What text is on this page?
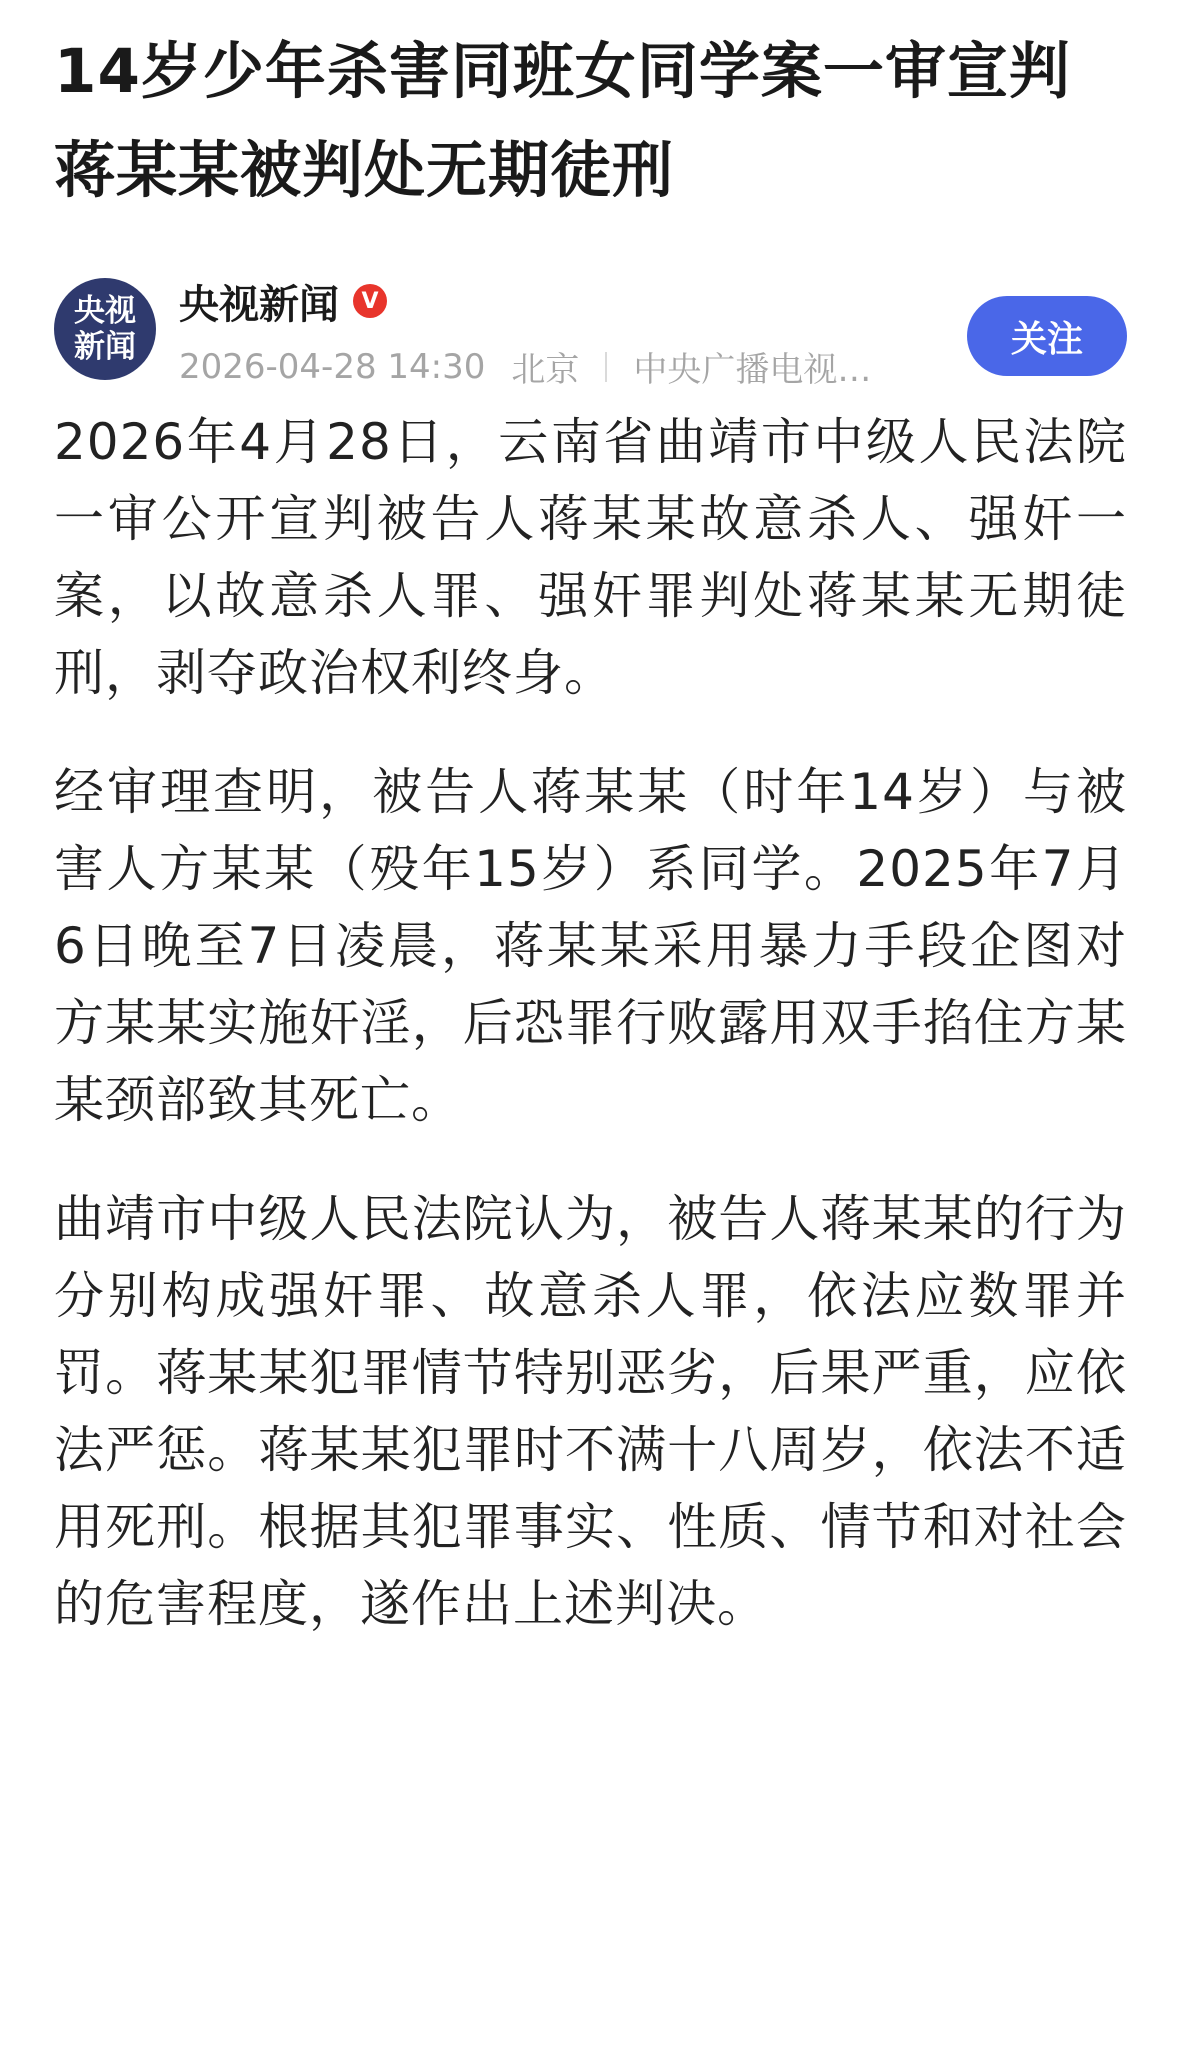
14岁少年杀害同班女同学案一审宣判 蒋某某被判处无期徒刑
央视新闻
央视新闻	V
2026-04-28 14:30 北京 中央广播电视…
关注

2026年4月28日，云南省曲靖市中级人民法院一审公开宣判被告人蒋某某故意杀人、强奸一案，以故意杀人罪、强奸罪判处蒋某某无期徒刑，剥夺政治权利终身。

经审理查明，被告人蒋某某（时年14岁）与被害人方某某（殁年15岁）系同学。2025年7月6日晚至7日凌晨，蒋某某采用暴力手段企图对方某某实施奸淫，后恐罪行败露用双手掐住方某某颈部致其死亡。

曲靖市中级人民法院认为，被告人蒋某某的行为分别构成强奸罪、故意杀人罪，依法应数罪并罚。蒋某某犯罪情节特别恶劣，后果严重，应依法严惩。蒋某某犯罪时不满十八周岁，依法不适用死刑。根据其犯罪事实、性质、情节和对社会的危害程度，遂作出上述判决。
